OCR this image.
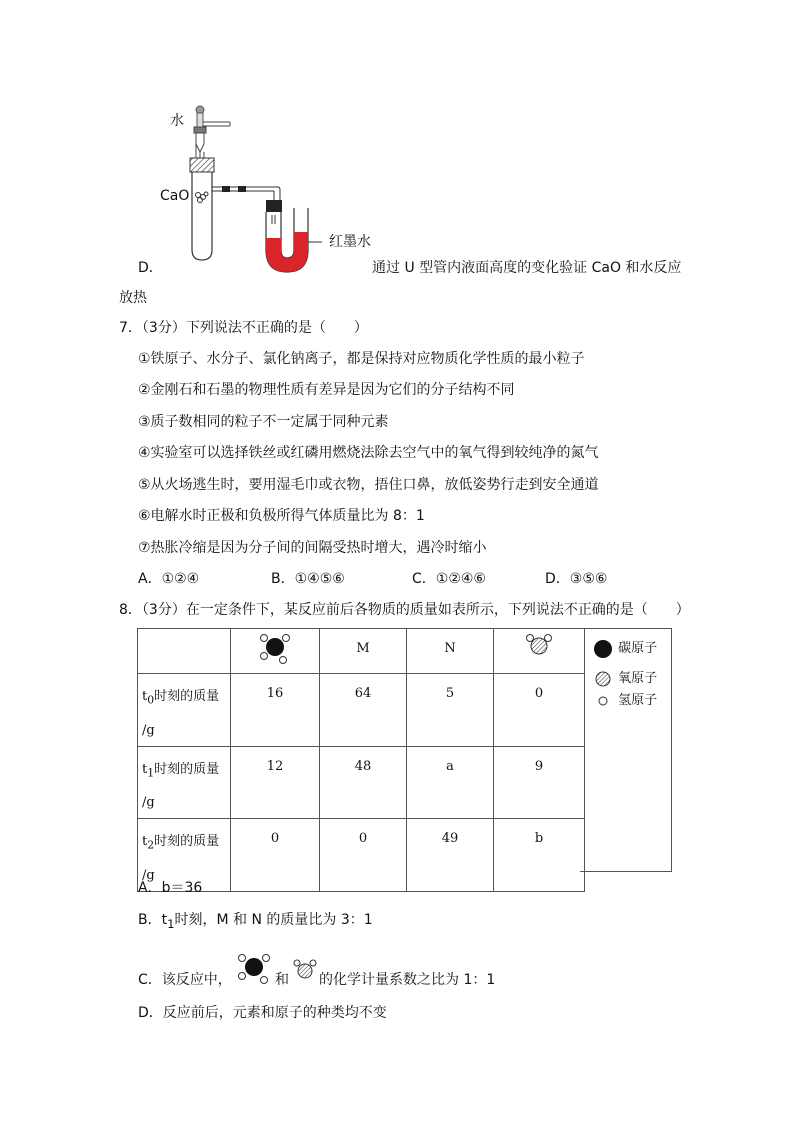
水
CaO
红墨水
D．	通过 U 型管内液面高度的变化验证 CaO 和水反应
放热
7．（3分）下列说法不正确的是（　　）
①铁原子、水分子、氯化钠离子，都是保持对应物质化学性质的最小粒子
②金刚石和石墨的物理性质有差异是因为它们的分子结构不同
③质子数相同的粒子不一定属于同种元素
④实验室可以选择铁丝或红磷用燃烧法除去空气中的氧气得到较纯净的氮气
⑤从火场逃生时，要用湿毛巾或衣物，捂住口鼻，放低姿势行走到安全通道
⑥电解水时正极和负极所得气体质量比为 8：1
⑦热胀冷缩是因为分子间的间隔受热时增大，遇冷时缩小
A．①②④	B．①④⑤⑥	C．①②④⑥	D．③⑤⑥
8．（3分）在一定条件下，某反应前后各物质的质量如表所示，下列说法不正确的是（　　）
		M	N	
$t_0$时刻的质量
/g	16	64	5	0
$t_1$时刻的质量
/g	12	48	a	9
$t_2$时刻的质量
/g	0	0	49	b
碳原子
氧原子
氢原子
A．b＝36
B．$t_1$时刻，M 和 N 的质量比为 3：1
C．该反应中，	和 的化学计量系数之比为 1：1
D．反应前后，元素和原子的种类均不变
